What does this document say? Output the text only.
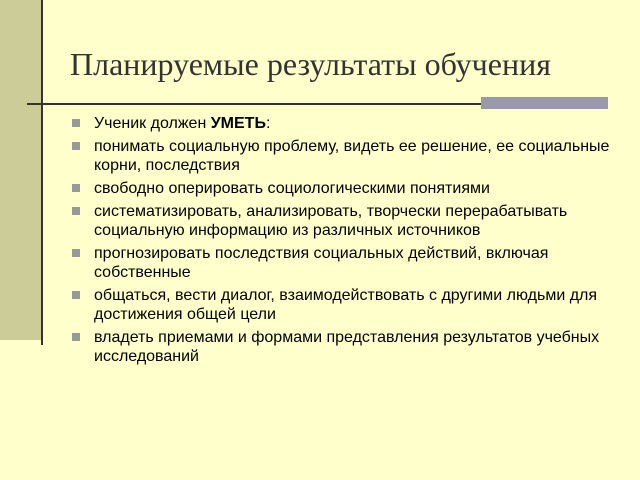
Планируемые результаты обучения
Ученик должен УМЕТЬ:
понимать социальную проблему, видеть ее решение, ее социальные корни, последствия
свободно оперировать социологическими понятиями
систематизировать, анализировать, творчески перерабатывать социальную информацию из различных источников
прогнозировать последствия социальных действий, включая собственные
общаться, вести диалог, взаимодействовать с другими людьми для достижения общей цели
владеть приемами и формами представления результатов учебных исследований
